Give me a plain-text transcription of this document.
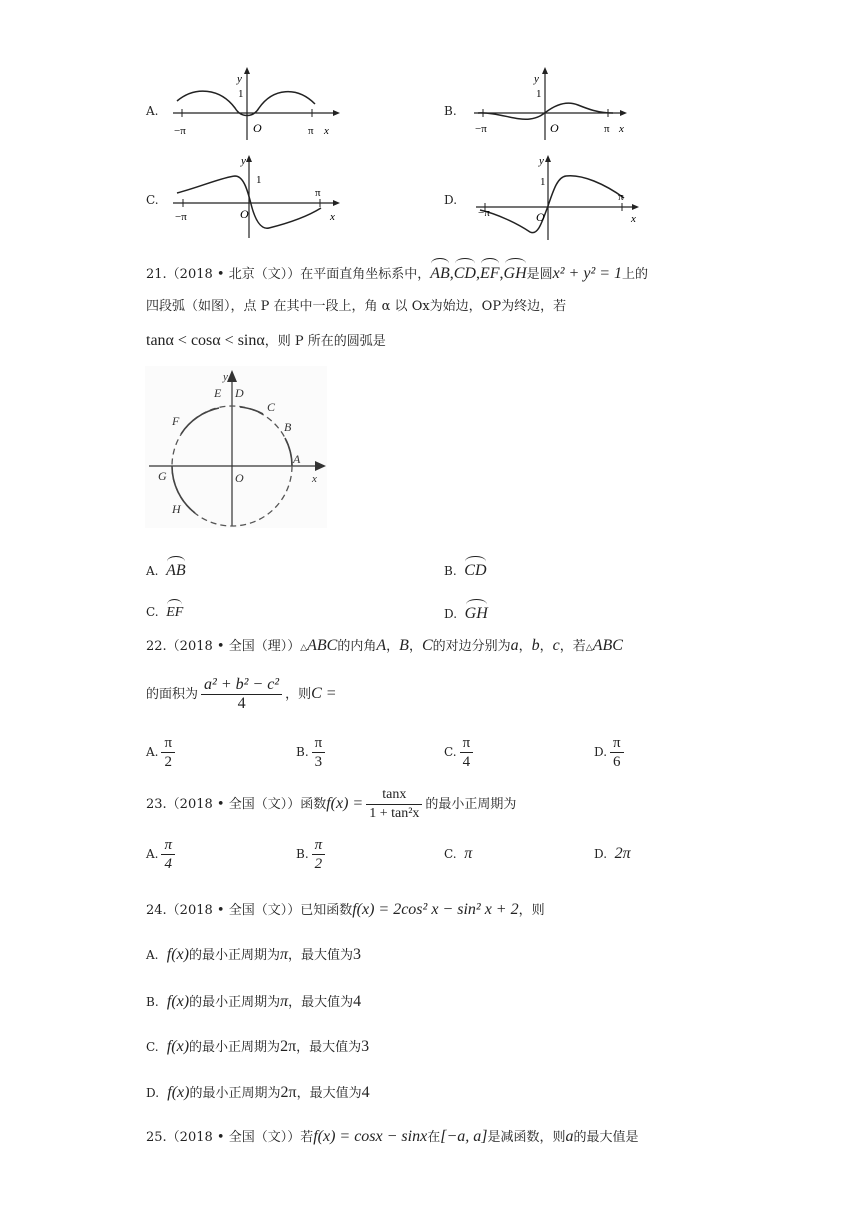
A.	B.
C.	D.
y
1
O
−π	π x
y
1
O
−π	π x
y
1
O
−π
π
x
y
1
O
−π
π
x
21.（2018 • 北京（文））在平面直角坐标系中，AB,CD,EF,GH是圆x² + y² = 1上的
四段弧（如图），点 P 在其中一段上，角 α 以 Ox为始边，OP为终边，若
tanα < cosα < sinα，则 P 所在的圆弧是
y
x
O
A
B
C
D
E
F
G
H
A. AB	B. CD
C. EF	D. GH
22.（2018 • 全国（理））△ABC的内角A，B，C的对边分别为a，b，c，若△ABC
的面积为 $\frac{\text{a² + b² − c²}}{4}$ ，则C =
A. $\frac{\pi}{2}$	B. $\frac{\pi}{3}$	C. $\frac{\pi}{4}$	D. $\frac{\pi}{6}$
23.（2018 • 全国（文））函数$f(x) = \frac{\tan x}{\text{1 + tan²x}}$ 的最小正周期为
A. $\frac{\pi}{4}$	B. $\frac{\pi}{2}$	C. π	D. 2π
24.（2018 • 全国（文））已知函数f(x) = 2cos² x − sin² x + 2，则
A. f(x)的最小正周期为π，最大值为3
B. f(x)的最小正周期为π，最大值为4
C. f(x)的最小正周期为2π，最大值为3
D. f(x)的最小正周期为2π，最大值为4
25.（2018 • 全国（文））若f(x) = cosx − sinx在[−a, a]是减函数，则a的最大值是
